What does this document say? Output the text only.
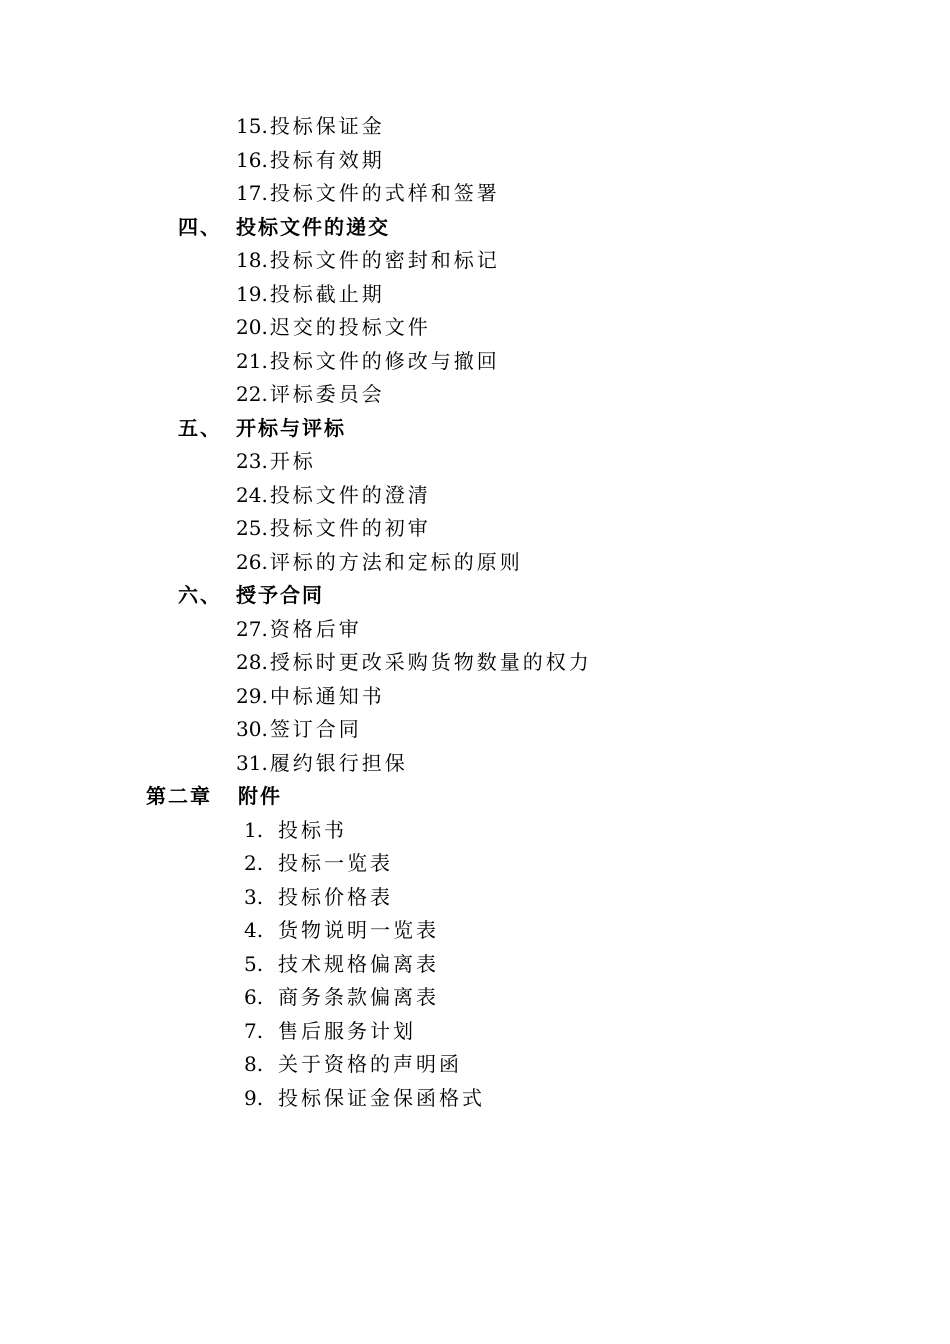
15. 投标保证金
16. 投标有效期
17. 投标文件的式样和签署
四、 投标文件的递交
18. 投标文件的密封和标记
19. 投标截止期
20. 迟交的投标文件
21. 投标文件的修改与撤回
22. 评标委员会
五、 开标与评标
23. 开标
24. 投标文件的澄清
25. 投标文件的初审
26. 评标的方法和定标的原则
六、 授予合同
27. 资格后审
28. 授标时更改采购货物数量的权力
29. 中标通知书
30. 签订合同
31. 履约银行担保
第二章 附件
1. 投标书
2. 投标一览表
3. 投标价格表
4. 货物说明一览表
5. 技术规格偏离表
6. 商务条款偏离表
7. 售后服务计划
8. 关于资格的声明函
9. 投标保证金保函格式
